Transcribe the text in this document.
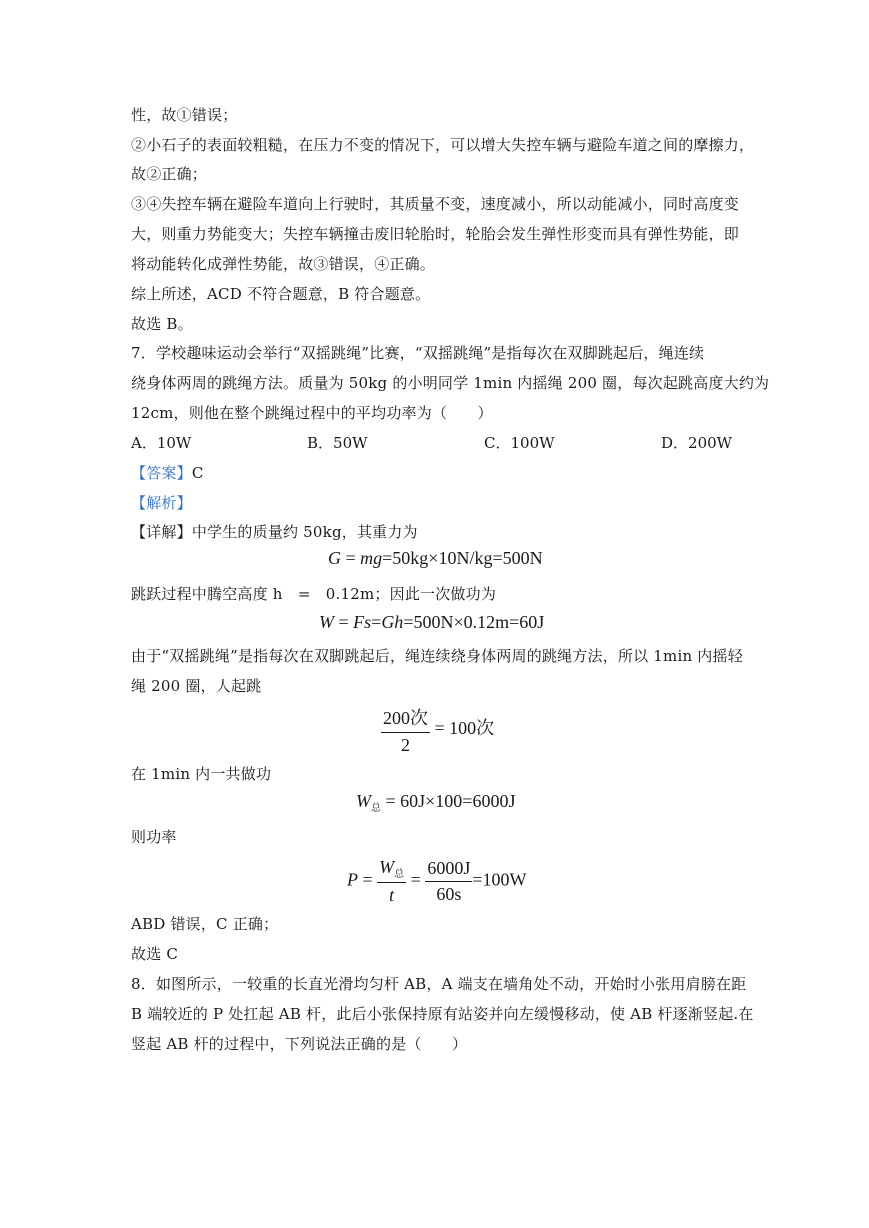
性，故①错误；
②小石子的表面较粗糙，在压力不变的情况下，可以增大失控车辆与避险车道之间的摩擦力，
故②正确；
③④失控车辆在避险车道向上行驶时，其质量不变，速度减小，所以动能减小，同时高度变
大，则重力势能变大；失控车辆撞击废旧轮胎时，轮胎会发生弹性形变而具有弹性势能，即
将动能转化成弹性势能，故③错误，④正确。
综上所述，ACD 不符合题意，B 符合题意。
故选 B。
7．学校趣味运动会举行“双摇跳绳”比赛，“双摇跳绳”是指每次在双脚跳起后，绳连续
绕身体两周的跳绳方法。质量为 50kg 的小明同学 1min 内摇绳 200 圈，每次起跳高度大约为
12cm，则他在整个跳绳过程中的平均功率为（　　）
A．10W	B．50W	C．100W	D．200W
【答案】C
【解析】
【详解】中学生的质量约 50kg，其重力为
G = mg=50kg×10N/kg=500N
跳跃过程中腾空高度 h　=　0.12m；因此一次做功为
W = Fs=Gh=500N×0.12m=60J
由于“双摇跳绳”是指每次在双脚跳起后，绳连续绕身体两周的跳绳方法，所以 1min 内摇轻
绳 200 圈，人起跳
$\frac{\text{200次}}{2} = 100$次
在 1min 内一共做功
$W_总 = 60J\times 100=6000J$
则功率
$P = \frac{W_总}{t} = \frac{6000J}{60s} =100W$
ABD 错误，C 正确；
故选 C
8．如图所示，一较重的长直光滑均匀杆 AB，A 端支在墙角处不动，开始时小张用肩膀在距
B 端较近的 P 处扛起 AB 杆，此后小张保持原有站姿并向左缓慢移动，使 AB 杆逐渐竖起.在
竖起 AB 杆的过程中，下列说法正确的是（　　）
